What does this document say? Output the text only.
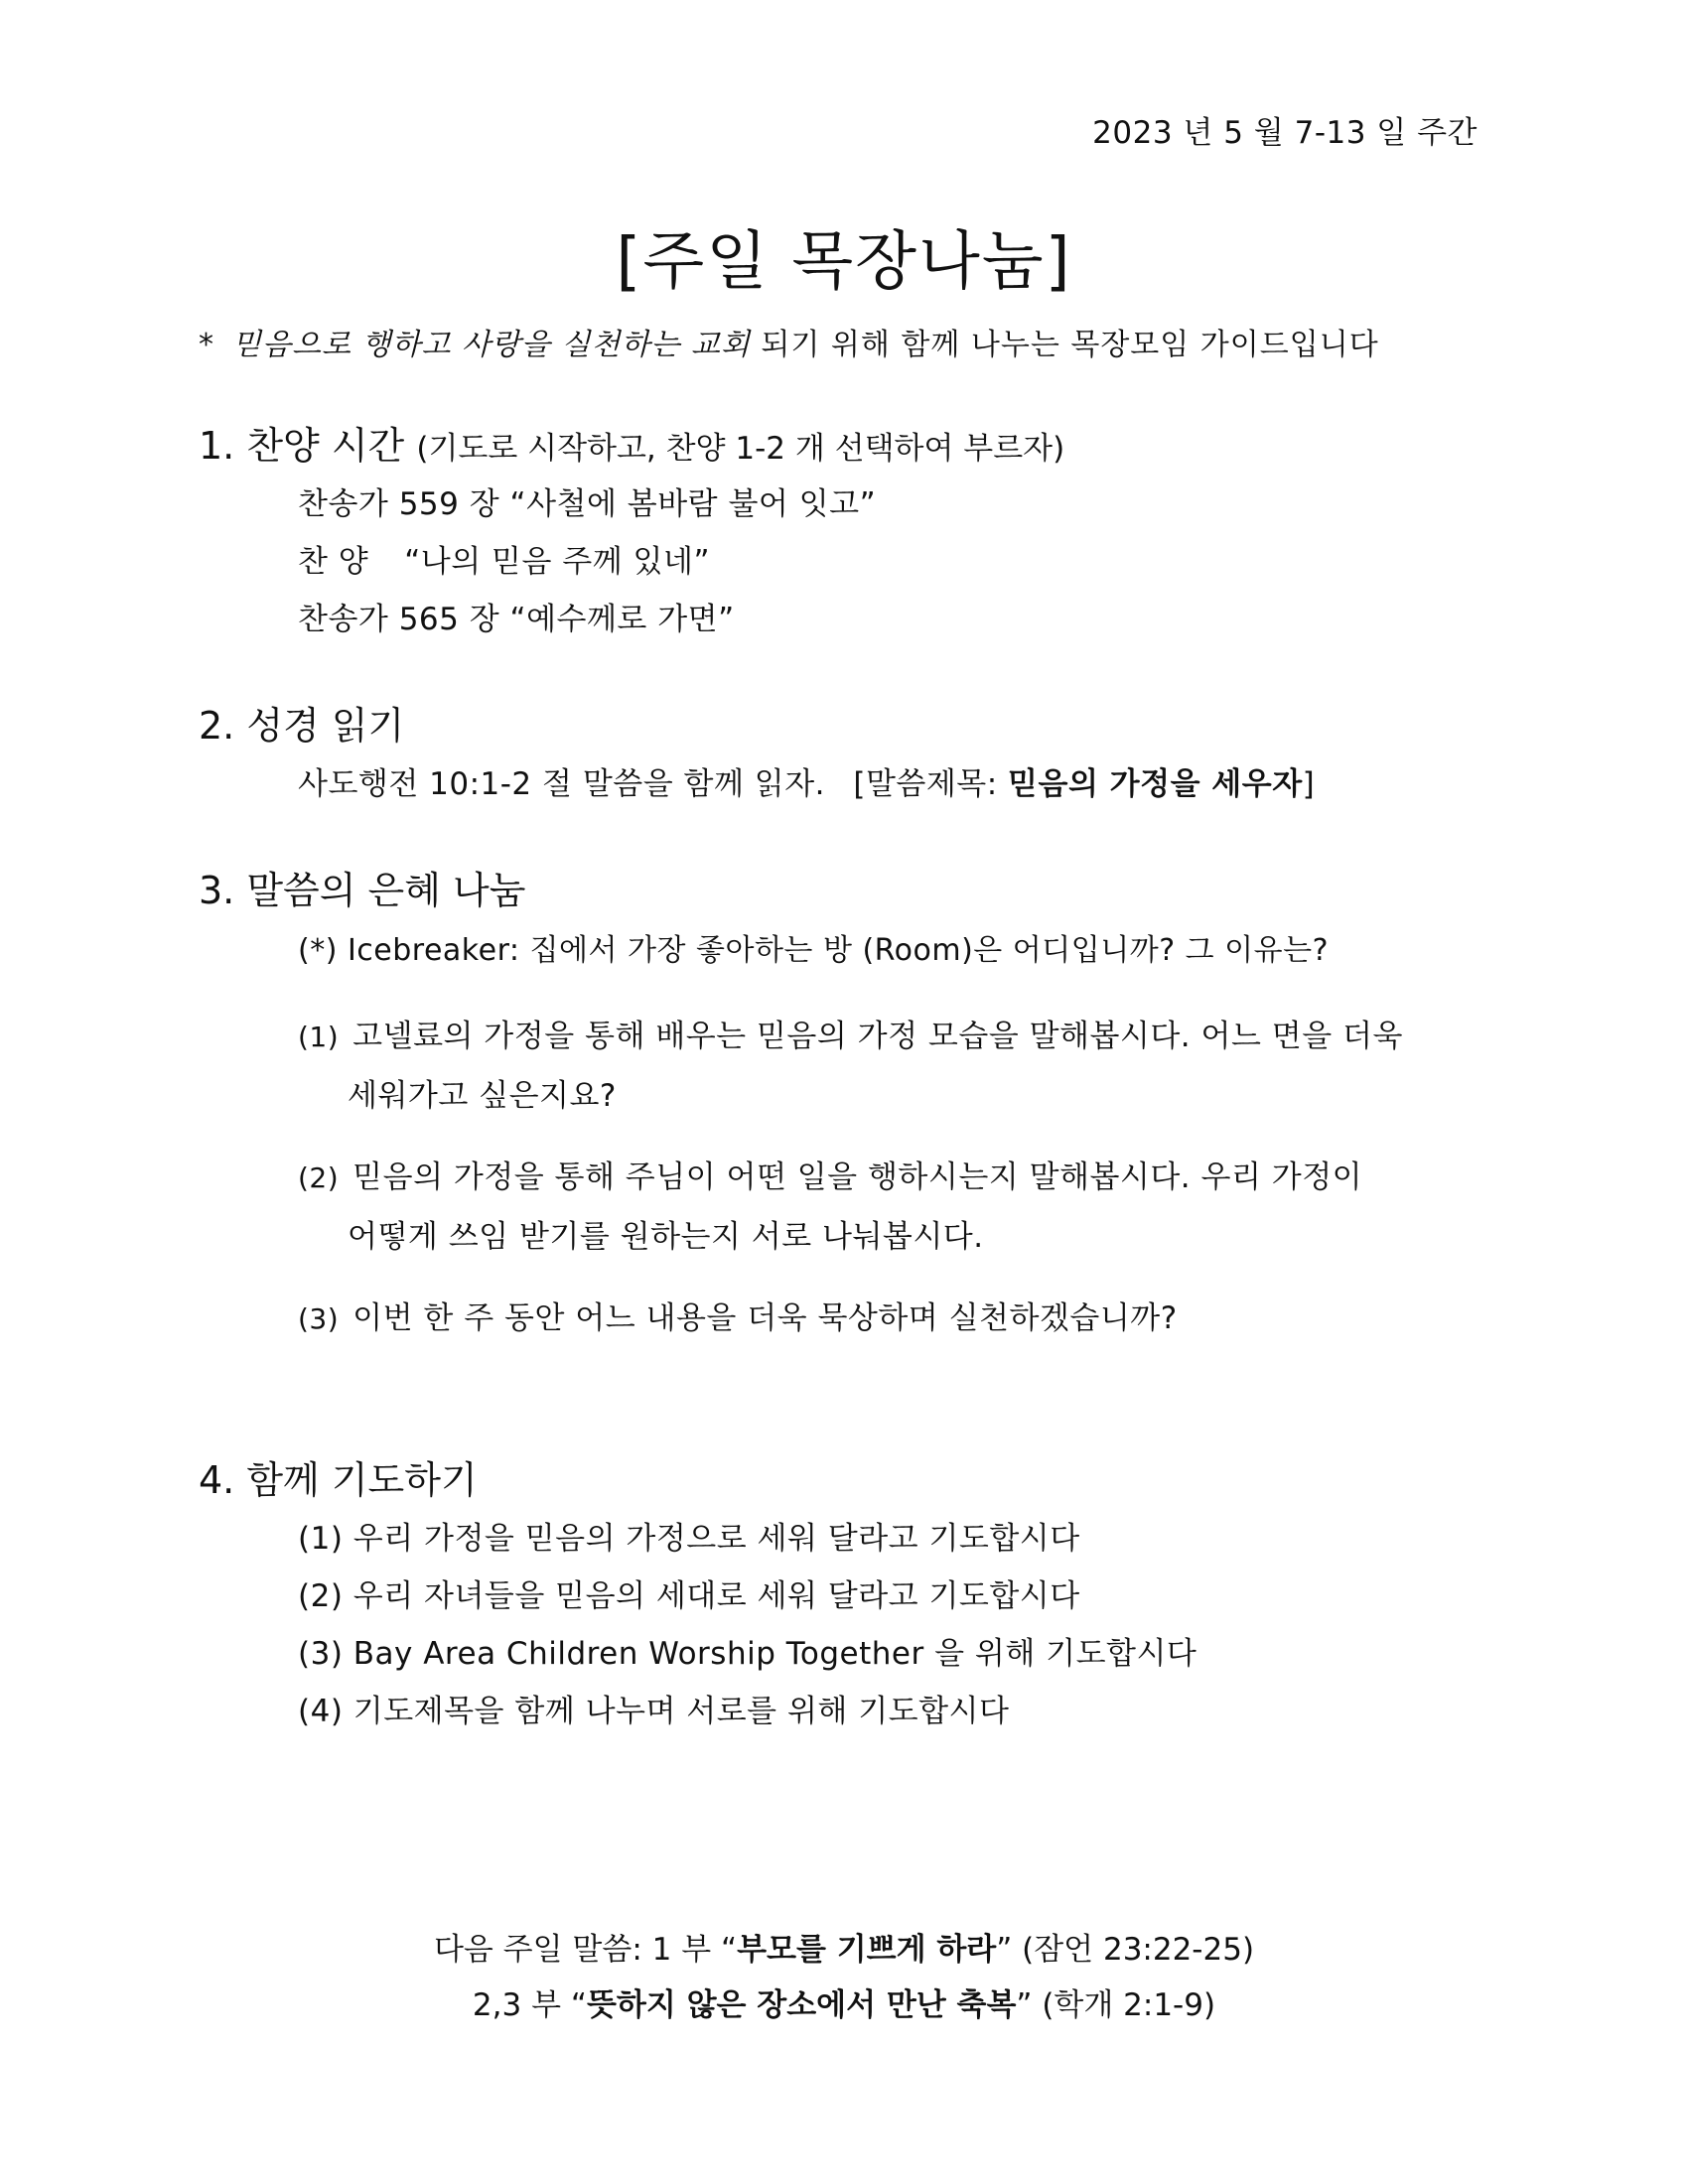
2023 년 5 월 7-13 일 주간
[주일 목장나눔]
* 믿음으로 행하고 사랑을 실천하는 교회 되기 위해 함께 나누는 목장모임 가이드입니다
1. 찬양 시간 (기도로 시작하고, 찬양 1-2 개 선택하여 부르자)
찬송가 559 장 “사철에 봄바람 불어 잇고”
찬 양 “나의 믿음 주께 있네”
찬송가 565 장 “예수께로 가면”
2. 성경 읽기
사도행전 10:1-2 절 말씀을 함께 읽자. [말씀제목: 믿음의 가정을 세우자]
3. 말씀의 은혜 나눔
(*) Icebreaker: 집에서 가장 좋아하는 방 (Room)은 어디입니까? 그 이유는?
(1) 고넬료의 가정을 통해 배우는 믿음의 가정 모습을 말해봅시다. 어느 면을 더욱
세워가고 싶은지요?
(2) 믿음의 가정을 통해 주님이 어떤 일을 행하시는지 말해봅시다. 우리 가정이
어떻게 쓰임 받기를 원하는지 서로 나눠봅시다.
(3) 이번 한 주 동안 어느 내용을 더욱 묵상하며 실천하겠습니까?
4. 함께 기도하기
(1) 우리 가정을 믿음의 가정으로 세워 달라고 기도합시다
(2) 우리 자녀들을 믿음의 세대로 세워 달라고 기도합시다
(3) Bay Area Children Worship Together 을 위해 기도합시다
(4) 기도제목을 함께 나누며 서로를 위해 기도합시다
다음 주일 말씀: 1 부 “부모를 기쁘게 하라” (잠언 23:22-25)
2,3 부 “뜻하지 않은 장소에서 만난 축복” (학개 2:1-9)
